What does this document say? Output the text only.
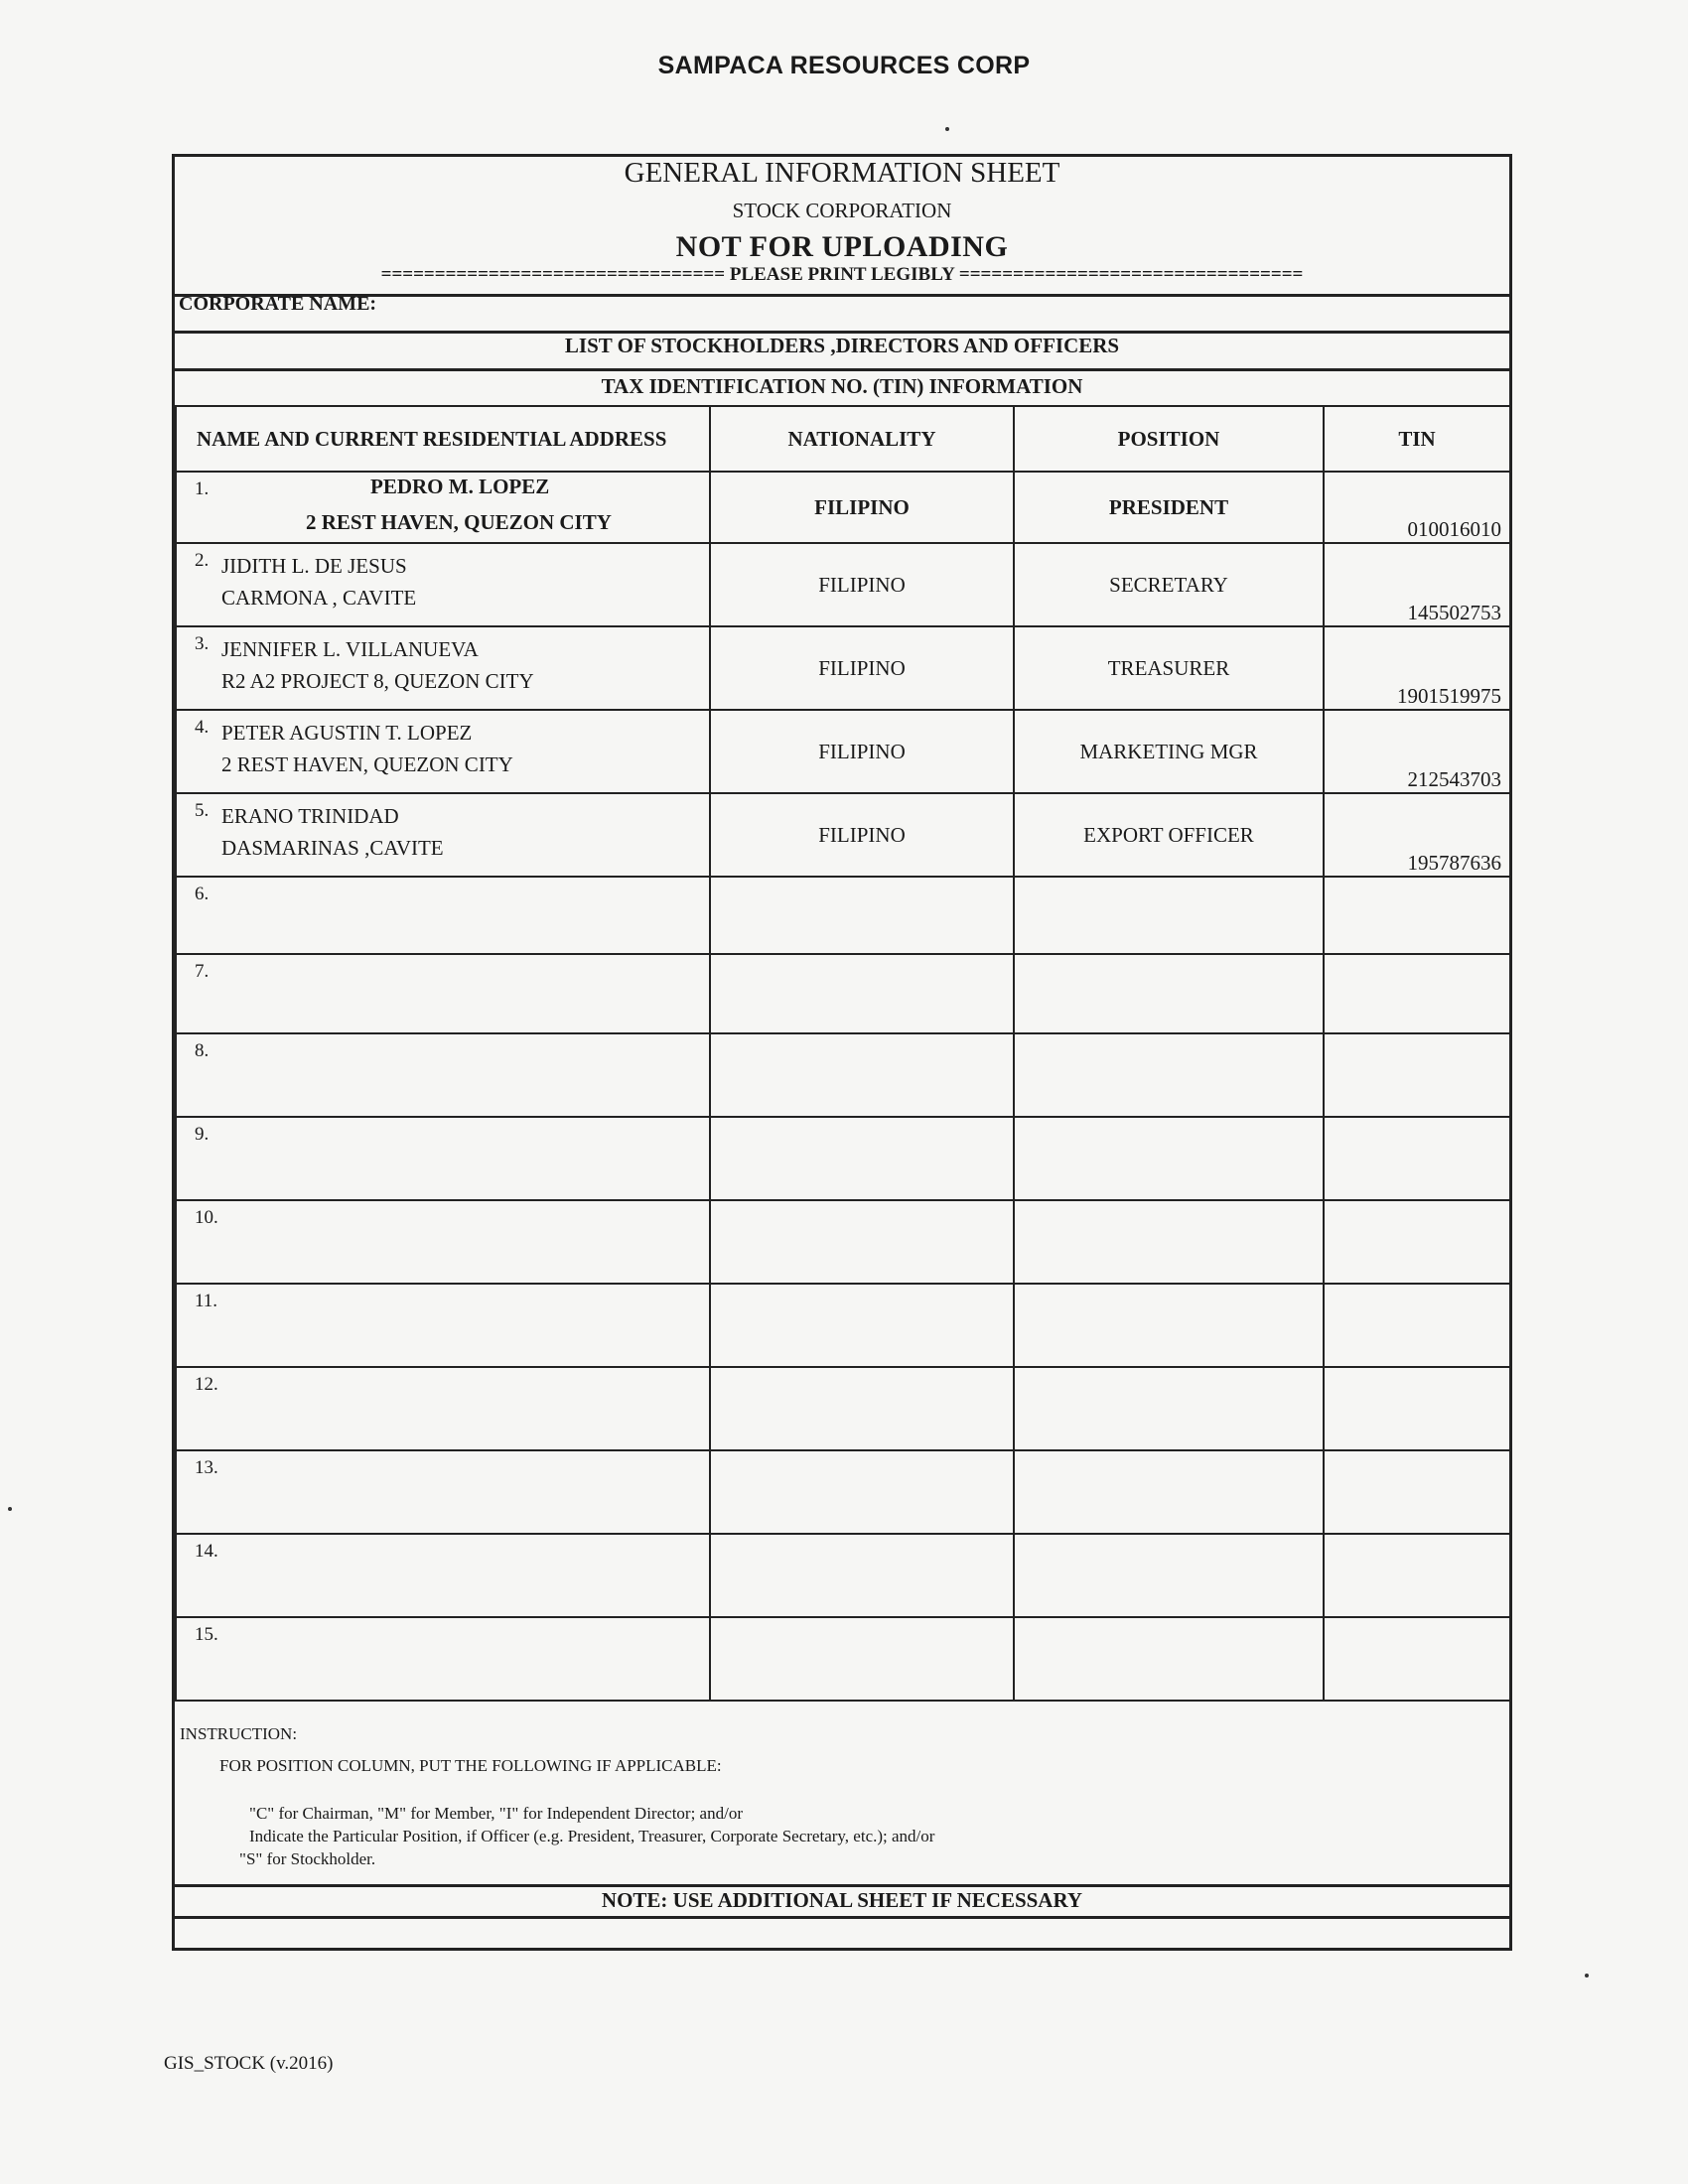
SAMPACA RESOURCES CORP
GENERAL INFORMATION SHEET
STOCK CORPORATION
NOT FOR UPLOADING
================================ PLEASE PRINT LEGIBLY ================================
CORPORATE NAME:
LIST OF STOCKHOLDERS ,DIRECTORS AND OFFICERS
TAX IDENTIFICATION NO. (TIN) INFORMATION
NAME AND CURRENT RESIDENTIAL ADDRESS	NATIONALITY	POSITION	TIN

1. PEDRO M. LOPEZ
2 REST HAVEN, QUEZON CITY	FILIPINO	PRESIDENT	010016010

2. JIDITH L. DE JESUS
CARMONA , CAVITE	FILIPINO	SECRETARY	145502753

3. JENNIFER L. VILLANUEVA
R2 A2 PROJECT 8, QUEZON CITY	FILIPINO	TREASURER	1901519975

4. PETER AGUSTIN T. LOPEZ
2 REST HAVEN, QUEZON CITY	FILIPINO	MARKETING MGR	212543703

5. ERANO TRINIDAD
DASMARINAS ,CAVITE	FILIPINO	EXPORT OFFICER	195787636

6.			

7.			

8.			

9.			

10.			

11.			

12.			

13.			

14.			

15.			

INSTRUCTION:
FOR POSITION COLUMN, PUT THE FOLLOWING IF APPLICABLE:
"C" for Chairman, "M" for Member, "I" for Independent Director; and/or
Indicate the Particular Position, if Officer (e.g. President, Treasurer, Corporate Secretary, etc.); and/or
"S" for Stockholder.
NOTE: USE ADDITIONAL SHEET IF NECESSARY
GIS_STOCK (v.2016)
